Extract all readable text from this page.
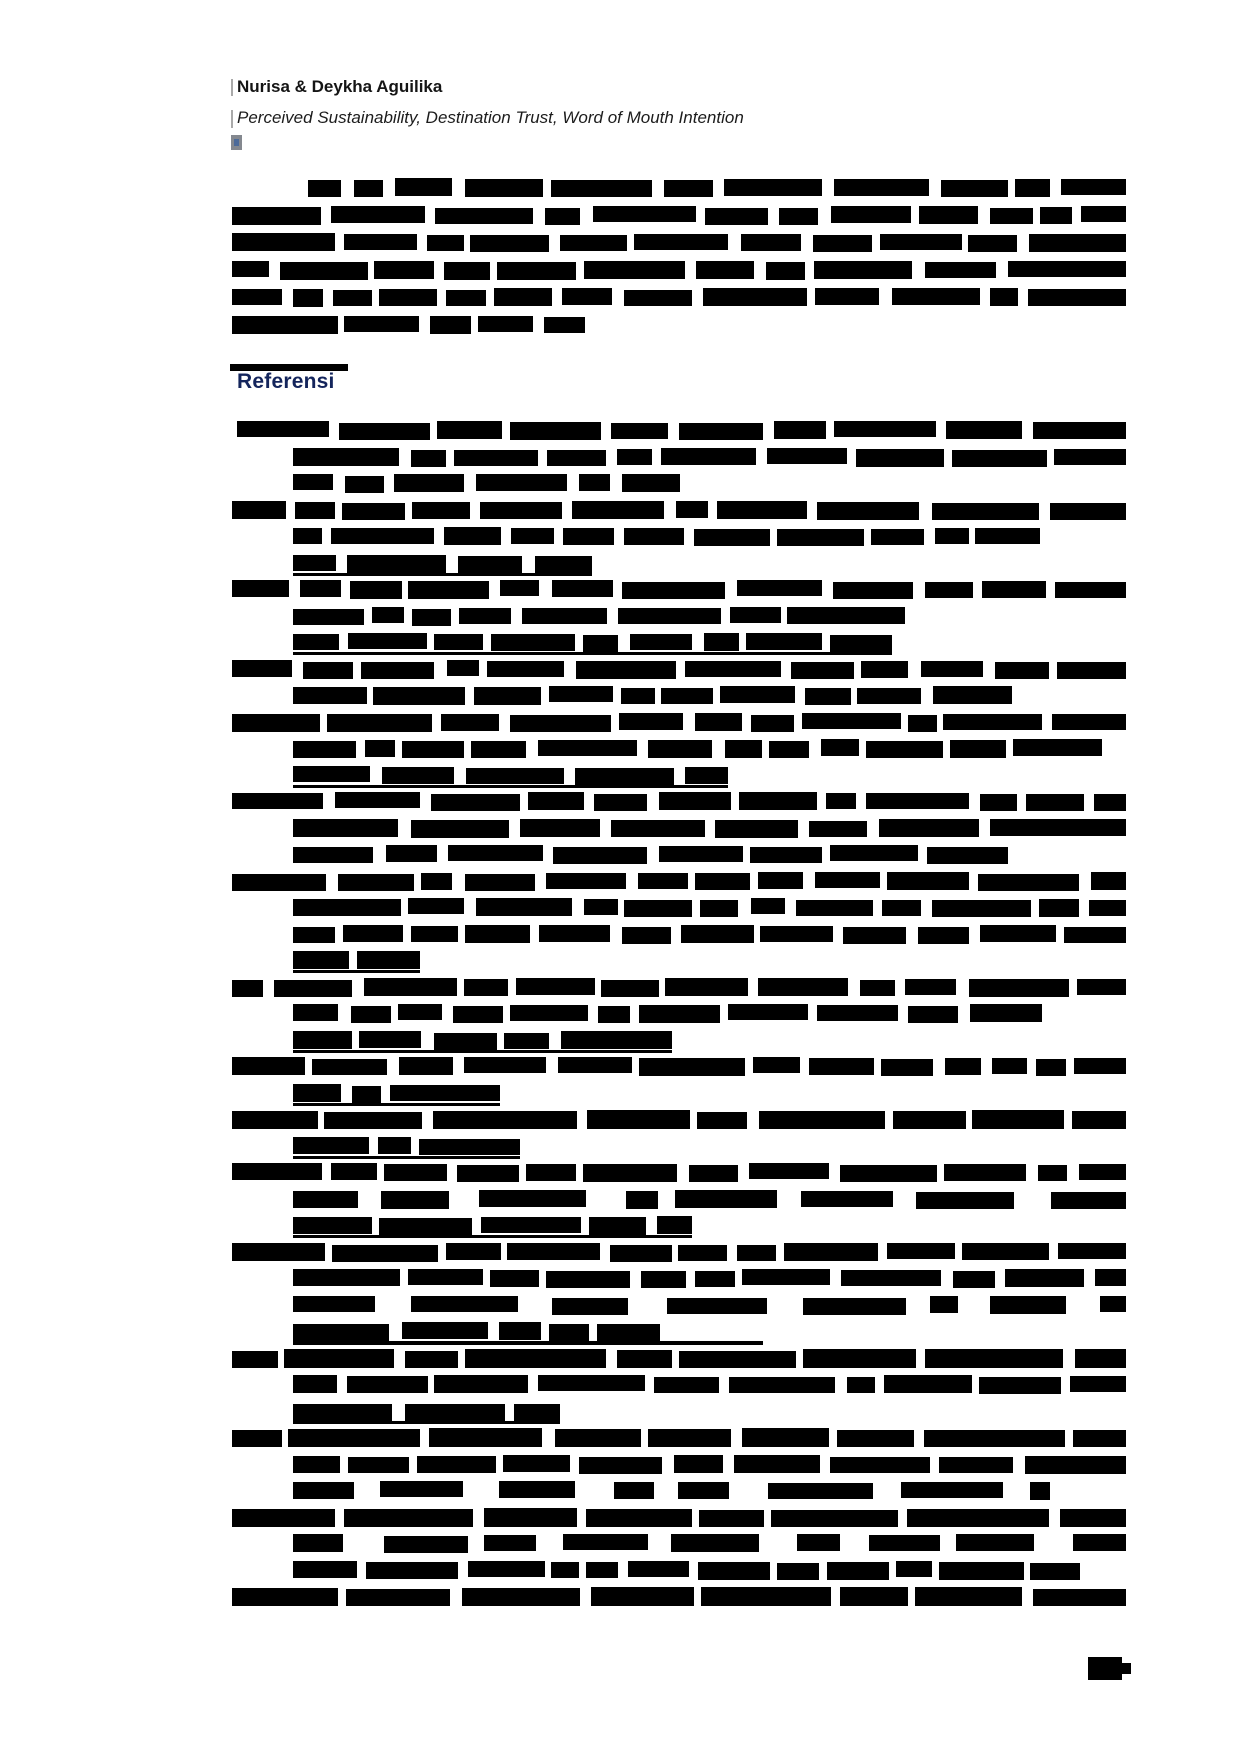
Nurisa & Deykha Aguilika
Perceived Sustainability, Destination Trust, Word of Mouth Intention
Referensi
